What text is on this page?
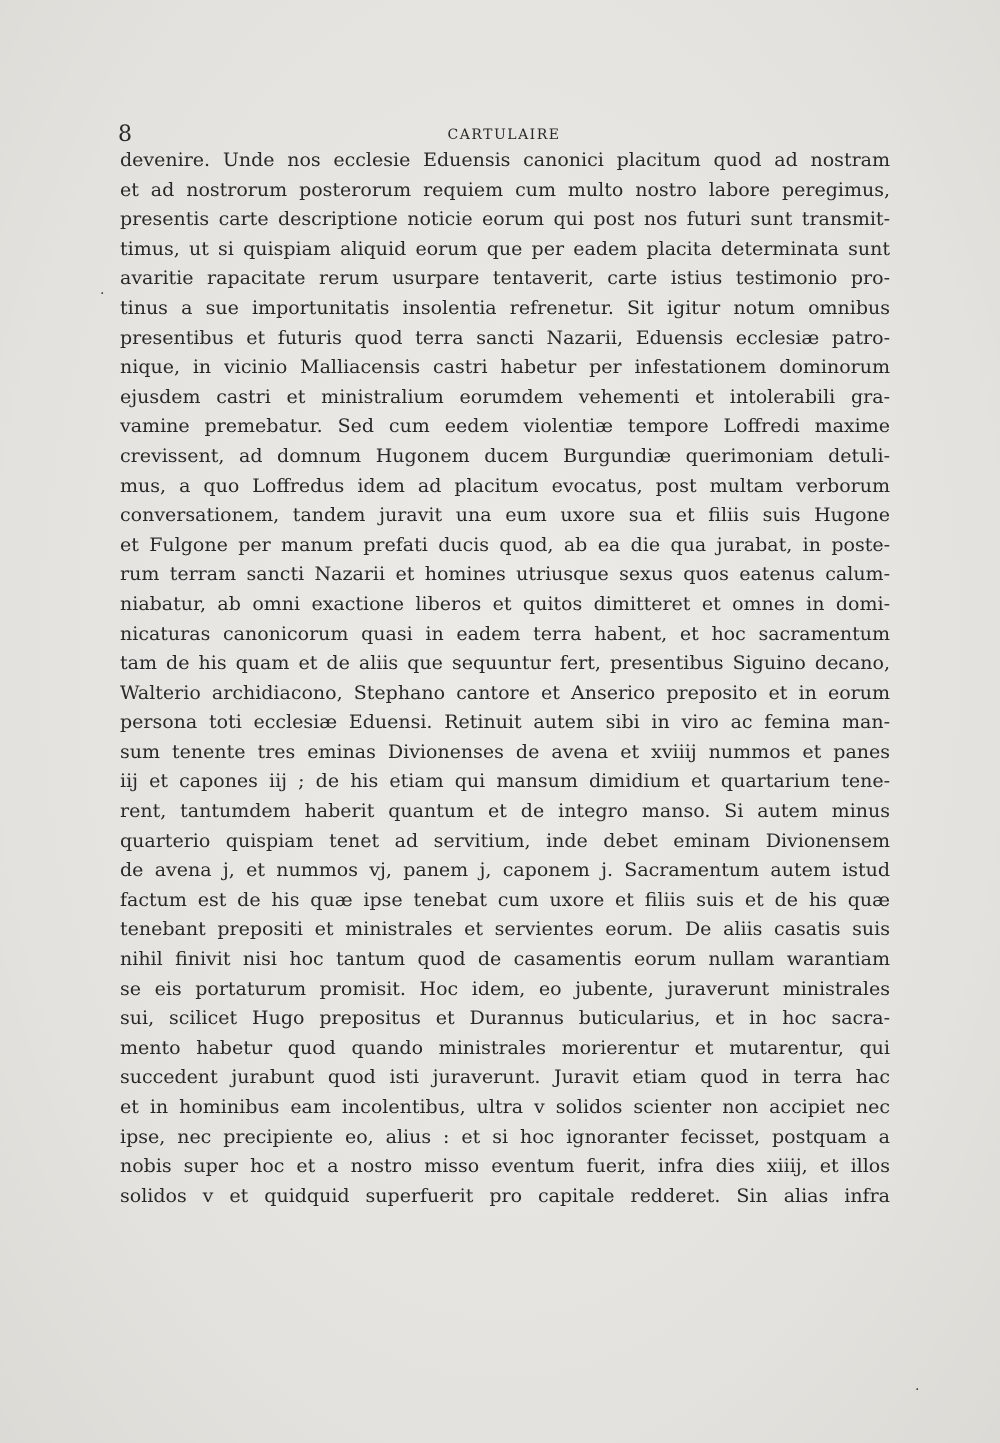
8	CARTULAIRE
devenire. Unde nos ecclesie Eduensis canonici placitum quod ad nostram
et ad nostrorum posterorum requiem cum multo nostro labore peregimus,
presentis carte descriptione noticie eorum qui post nos futuri sunt transmit-
timus, ut si quispiam aliquid eorum que per eadem placita determinata sunt
avaritie rapacitate rerum usurpare tentaverit, carte istius testimonio pro-
tinus a sue importunitatis insolentia refrenetur. Sit igitur notum omnibus
presentibus et futuris quod terra sancti Nazarii, Eduensis ecclesiæ patro-
nique, in vicinio Malliacensis castri habetur per infestationem dominorum
ejusdem castri et ministralium eorumdem vehementi et intolerabili gra-
vamine premebatur. Sed cum eedem violentiæ tempore Loffredi maxime
crevissent, ad domnum Hugonem ducem Burgundiæ querimoniam detuli-
mus, a quo Loffredus idem ad placitum evocatus, post multam verborum
conversationem, tandem juravit una eum uxore sua et filiis suis Hugone
et Fulgone per manum prefati ducis quod, ab ea die qua jurabat, in poste-
rum terram sancti Nazarii et homines utriusque sexus quos eatenus calum-
niabatur, ab omni exactione liberos et quitos dimitteret et omnes in domi-
nicaturas canonicorum quasi in eadem terra habent, et hoc sacramentum
tam de his quam et de aliis que sequuntur fert, presentibus Siguino decano,
Walterio archidiacono, Stephano cantore et Anserico preposito et in eorum
persona toti ecclesiæ Eduensi. Retinuit autem sibi in viro ac femina man-
sum tenente tres eminas Divionenses de avena et xviiij nummos et panes
iij et capones iij ; de his etiam qui mansum dimidium et quartarium tene-
rent, tantumdem haberit quantum et de integro manso. Si autem minus
quarterio quispiam tenet ad servitium, inde debet eminam Divionensem
de avena j, et nummos vj, panem j, caponem j. Sacramentum autem istud
factum est de his quæ ipse tenebat cum uxore et filiis suis et de his quæ
tenebant prepositi et ministrales et servientes eorum. De aliis casatis suis
nihil finivit nisi hoc tantum quod de casamentis eorum nullam warantiam
se eis portaturum promisit. Hoc idem, eo jubente, juraverunt ministrales
sui, scilicet Hugo prepositus et Durannus buticularius, et in hoc sacra-
mento habetur quod quando ministrales morierentur et mutarentur, qui
succedent jurabunt quod isti juraverunt. Juravit etiam quod in terra hac
et in hominibus eam incolentibus, ultra v solidos scienter non accipiet nec
ipse, nec precipiente eo, alius : et si hoc ignoranter fecisset, postquam a
nobis super hoc et a nostro misso eventum fuerit, infra dies xiiij, et illos
solidos v et quidquid superfuerit pro capitale redderet. Sin alias infra
·
·
